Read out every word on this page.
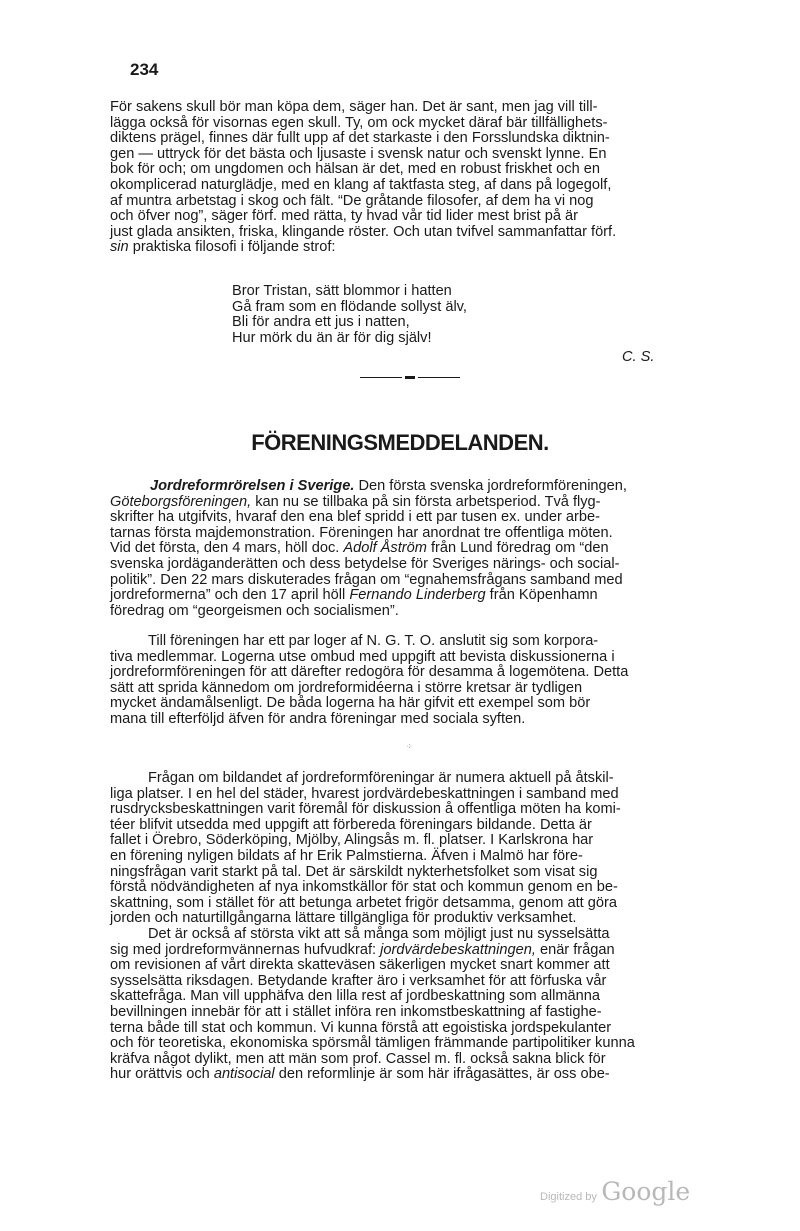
234
För sakens skull bör man köpa dem, säger han. Det är sant, men jag vill till-
lägga också för visornas egen skull. Ty, om ock mycket däraf bär tillfällighets-
diktens prägel, finnes där fullt upp af det starkaste i den Forsslundska diktnin-
gen — uttryck för det bästa och ljusaste i svensk natur och svenskt lynne. En
bok för och; om ungdomen och hälsan är det, med en robust friskhet och en
okomplicerad naturglädje, med en klang af taktfasta steg, af dans på logegolf,
af muntra arbetstag i skog och fält. “De gråtande filosofer, af dem ha vi nog
och öfver nog”, säger förf. med rätta, ty hvad vår tid lider mest brist på är
just glada ansikten, friska, klingande röster. Och utan tvifvel sammanfattar förf.
sin praktiska filosofi i följande strof:
Bror Tristan, sätt blommor i hatten
Gå fram som en flödande sollyst älv,
Bli för andra ett jus i natten,
Hur mörk du än är för dig själv!
C. S.
FÖRENINGSMEDDELANDEN.
Jordreformrörelsen i Sverige. Den första svenska jordreformföreningen,
Göteborgsföreningen, kan nu se tillbaka på sin första arbetsperiod. Två flyg-
skrifter ha utgifvits, hvaraf den ena blef spridd i ett par tusen ex. under arbe-
tarnas första majdemonstration. Föreningen har anordnat tre offentliga möten.
Vid det första, den 4 mars, höll doc. Adolf Åström från Lund föredrag om “den
svenska jordäganderätten och dess betydelse för Sveriges närings- och social-
politik”. Den 22 mars diskuterades frågan om “egnahemsfrågans samband med
jordreformerna” och den 17 april höll Fernando Linderberg från Köpenhamn
föredrag om “georgeismen och socialismen”.
Till föreningen har ett par loger af N. G. T. O. anslutit sig som korpora-
tiva medlemmar. Logerna utse ombud med uppgift att bevista diskussionerna i
jordreformföreningen för att därefter redogöra för desamma å logemötena. Detta
sätt att sprida kännedom om jordreformidéerna i större kretsar är tydligen
mycket ändamålsenligt. De båda logerna ha här gifvit ett exempel som bör
mana till efterföljd äfven för andra föreningar med sociala syften.
⁘
Frågan om bildandet af jordreformföreningar är numera aktuell på åtskil-
liga platser. I en hel del städer, hvarest jordvärdebeskattningen i samband med
rusdrycksbeskattningen varit föremål för diskussion å offentliga möten ha komi-
téer blifvit utsedda med uppgift att förbereda föreningars bildande. Detta är
fallet i Örebro, Söderköping, Mjölby, Alingsås m. fl. platser. I Karlskrona har
en förening nyligen bildats af hr Erik Palmstierna. Äfven i Malmö har före-
ningsfrågan varit starkt på tal. Det är särskildt nykterhetsfolket som visat sig
förstå nödvändigheten af nya inkomstkällor för stat och kommun genom en be-
skattning, som i stället för att betunga arbetet frigör detsamma, genom att göra
jorden och naturtillgångarna lättare tillgängliga för produktiv verksamhet.
Det är också af största vikt att så många som möjligt just nu sysselsätta
sig med jordreformvännernas hufvudkraf: jordvärdebeskattningen, enär frågan
om revisionen af vårt direkta skatteväsen säkerligen mycket snart kommer att
sysselsätta riksdagen. Betydande krafter äro i verksamhet för att förfuska vår
skattefråga. Man vill upphäfva den lilla rest af jordbeskattning som allmänna
bevillningen innebär för att i stället införa ren inkomstbeskattning af fastighe-
terna både till stat och kommun. Vi kunna förstå att egoistiska jordspekulanter
och för teoretiska, ekonomiska spörsmål tämligen främmande partipolitiker kunna
kräfva något dylikt, men att män som prof. Cassel m. fl. också sakna blick för
hur orättvis och antisocial den reformlinje är som här ifrågasättes, är oss obe-
Digitized by Google
